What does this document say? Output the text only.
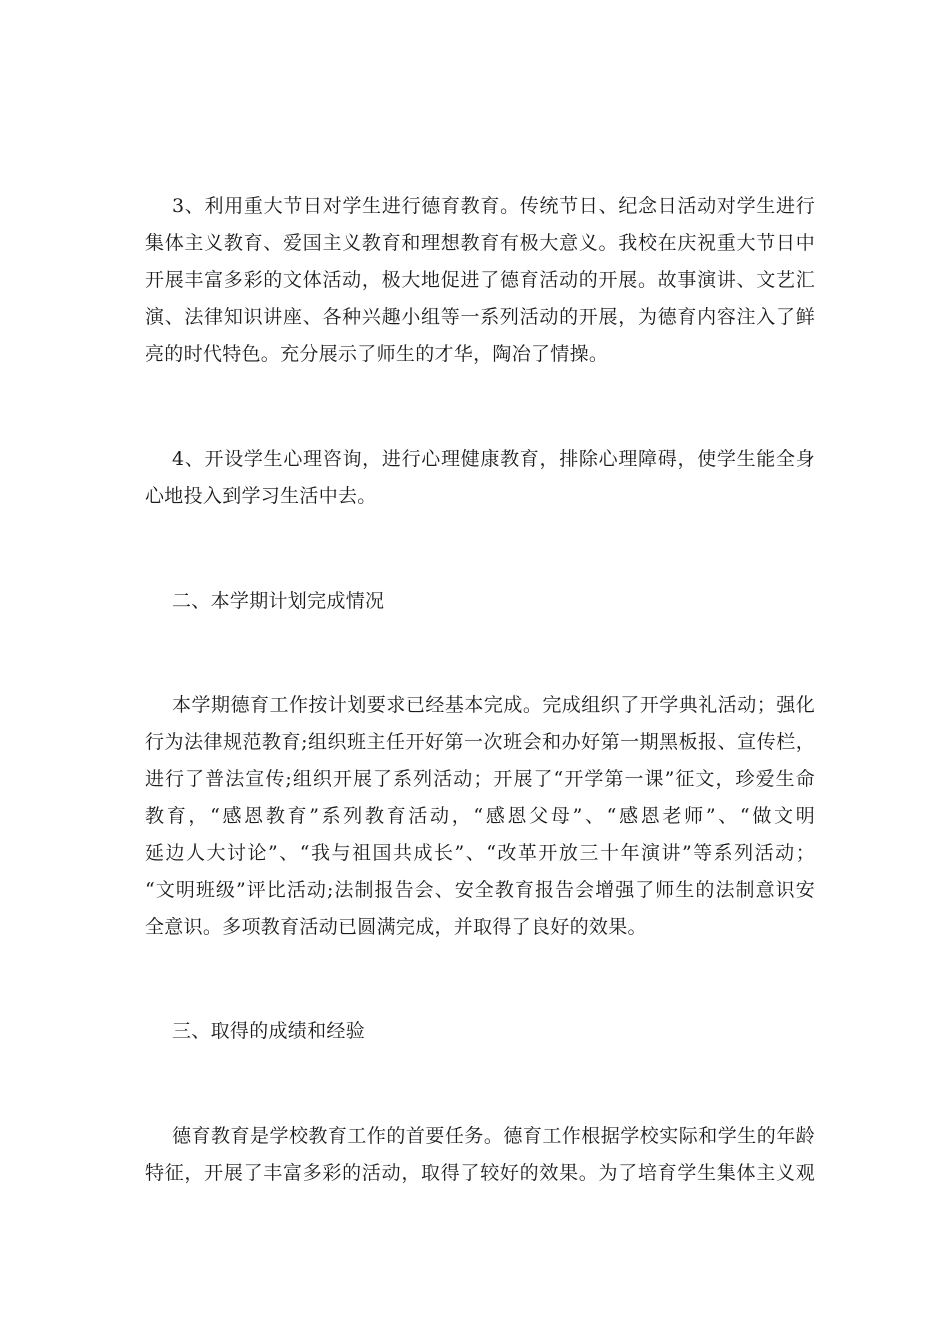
3、利用重大节日对学生进行德育教育。传统节日、纪念日活动对学生进行
集体主义教育、爱国主义教育和理想教育有极大意义。我校在庆祝重大节日中
开展丰富多彩的文体活动，极大地促进了德育活动的开展。故事演讲、文艺汇
演、法律知识讲座、各种兴趣小组等一系列活动的开展，为德育内容注入了鲜
亮的时代特色。充分展示了师生的才华，陶冶了情操。
4、开设学生心理咨询，进行心理健康教育，排除心理障碍，使学生能全身
心地投入到学习生活中去。
二、本学期计划完成情况
本学期德育工作按计划要求已经基本完成。完成组织了开学典礼活动；强化
行为法律规范教育;组织班主任开好第一次班会和办好第一期黑板报、宣传栏，
进行了普法宣传;组织开展了系列活动；开展了“开学第一课”征文，珍爱生命
教育，“感恩教育”系列教育活动，“感恩父母”、“感恩老师”、“做文明
延边人大讨论”、“我与祖国共成长”、“改革开放三十年演讲”等系列活动；
“文明班级”评比活动;法制报告会、安全教育报告会增强了师生的法制意识安
全意识。多项教育活动已圆满完成，并取得了良好的效果。
三、取得的成绩和经验
德育教育是学校教育工作的首要任务。德育工作根据学校实际和学生的年龄
特征，开展了丰富多彩的活动，取得了较好的效果。为了培育学生集体主义观
